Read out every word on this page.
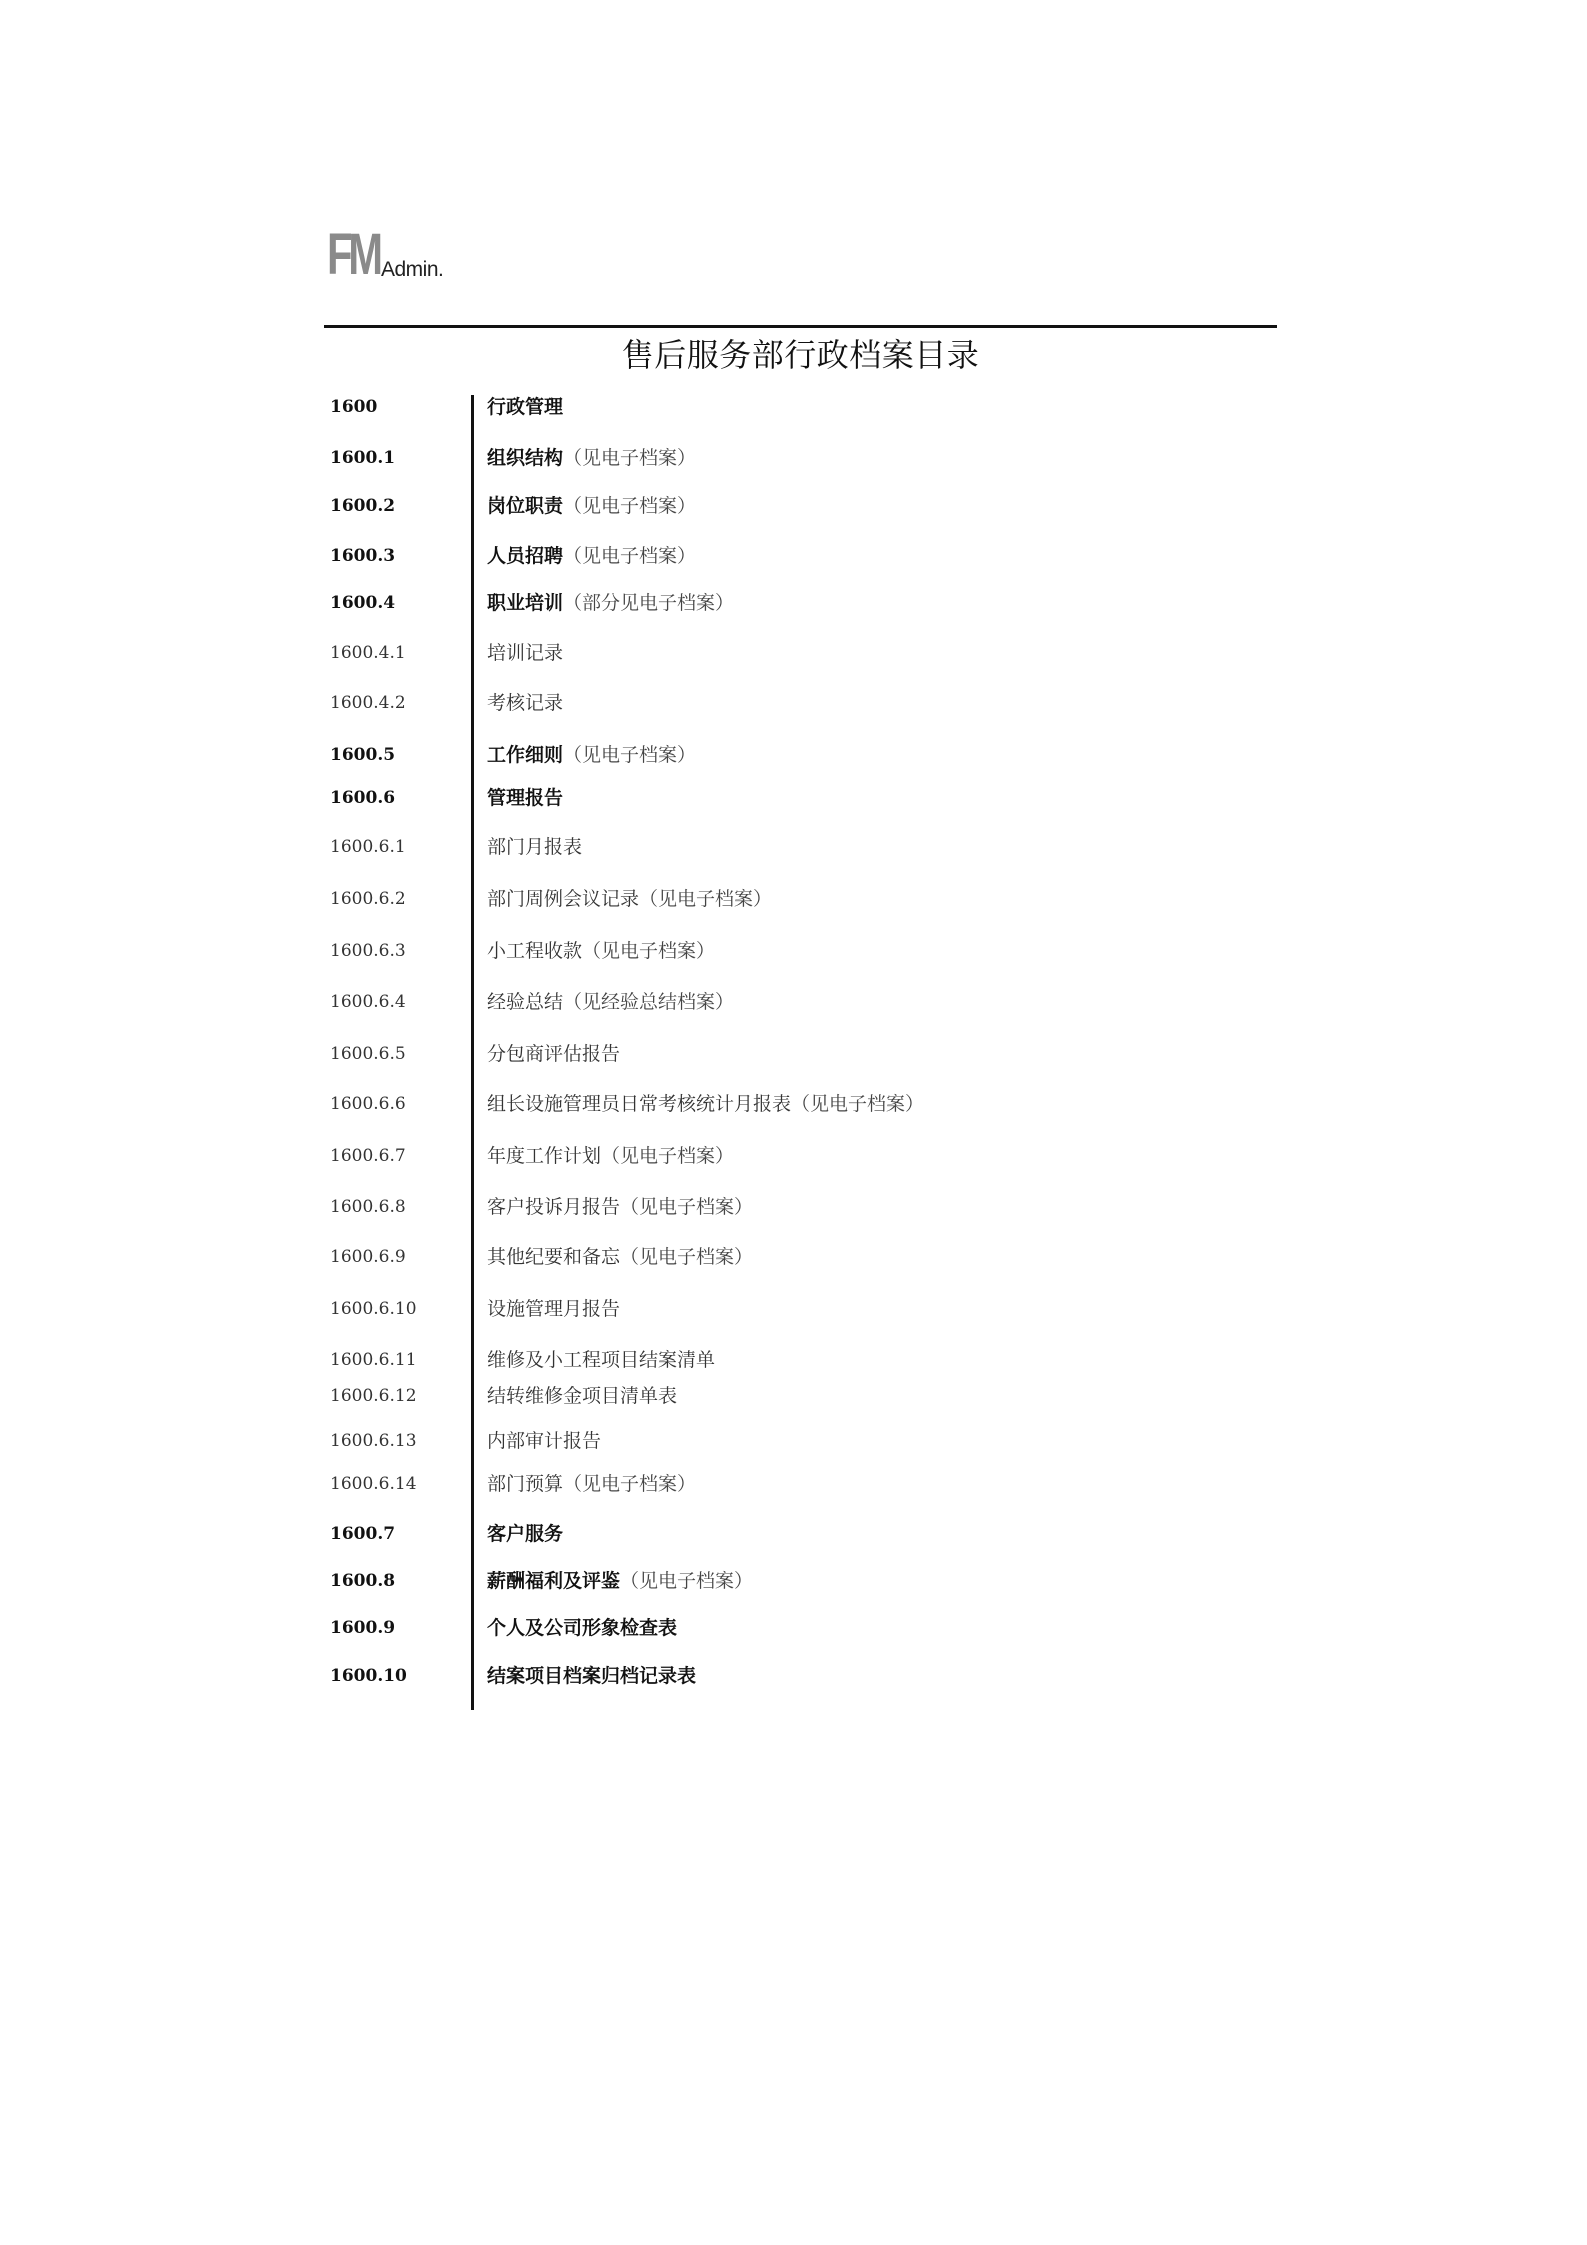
FM Admin.
售后服务部行政档案目录
1600	行政管理
1600.1	组织结构（见电子档案）
1600.2	岗位职责（见电子档案）
1600.3	人员招聘（见电子档案）
1600.4	职业培训（部分见电子档案）
1600.4.1	培训记录
1600.4.2	考核记录
1600.5	工作细则（见电子档案）
1600.6	管理报告
1600.6.1	部门月报表
1600.6.2	部门周例会议记录（见电子档案）
1600.6.3	小工程收款（见电子档案）
1600.6.4	经验总结（见经验总结档案）
1600.6.5	分包商评估报告
1600.6.6	组长设施管理员日常考核统计月报表（见电子档案）
1600.6.7	年度工作计划（见电子档案）
1600.6.8	客户投诉月报告（见电子档案）
1600.6.9	其他纪要和备忘（见电子档案）
1600.6.10	设施管理月报告
1600.6.11	维修及小工程项目结案清单
1600.6.12	结转维修金项目清单表
1600.6.13	内部审计报告
1600.6.14	部门预算（见电子档案）
1600.7	客户服务
1600.8	薪酬福利及评鉴（见电子档案）
1600.9	个人及公司形象检查表
1600.10	结案项目档案归档记录表
